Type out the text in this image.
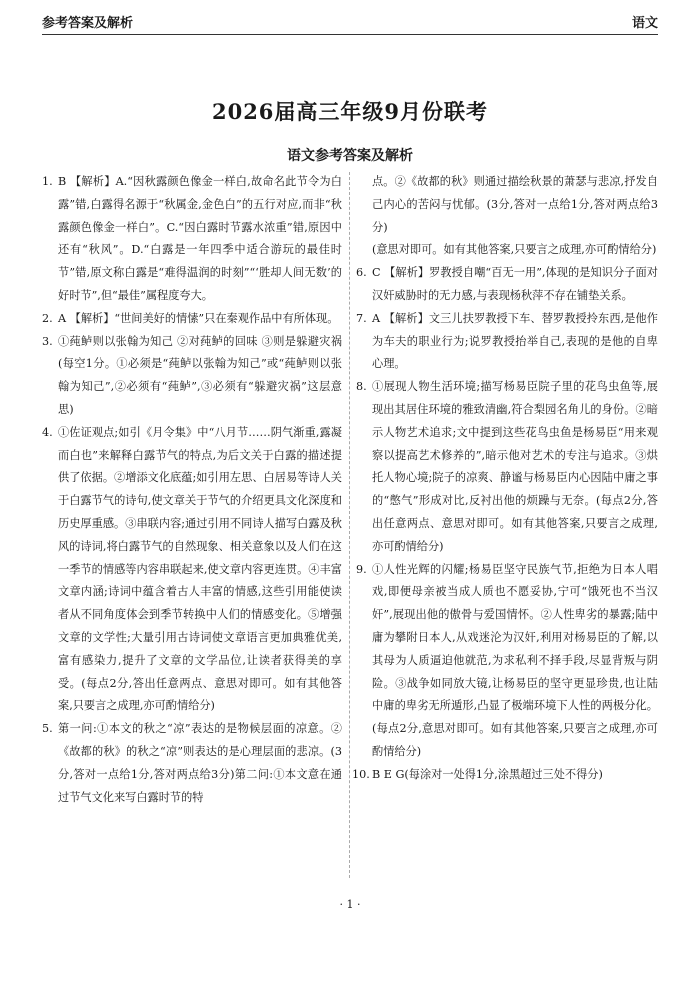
参考答案及解析	语文
2026届高三年级9月份联考
语文参考答案及解析

1. B 【解析】A.“因秋露颜色像金一样白,故命名此节令为白露”错,白露得名源于“秋属金,金色白”的五行对应,而非“秋露颜色像金一样白”。C.“因白露时节露水浓重”错,原因中还有“秋风”。D.“白露是一年四季中适合游玩的最佳时节”错,原文称白露是“难得温润的时刻”“‘胜却人间无数’的好时节”,但“最佳”属程度夸大。

2. A 【解析】“世间美好的情愫”只在秦观作品中有所体现。

3. ①莼鲈则以张翰为知己 ②对莼鲈的回味 ③则是躲避灾祸(每空1分。①必须是“莼鲈以张翰为知己”或“莼鲈则以张翰为知己”,②必须有“莼鲈”,③必须有“躲避灾祸”这层意思)

4. ①佐证观点;如引《月令集》中“八月节……阴气渐重,露凝而白也”来解释白露节气的特点,为后文关于白露的描述提供了依据。②增添文化底蕴;如引用左思、白居易等诗人关于白露节气的诗句,使文章关于节气的介绍更具文化深度和历史厚重感。③串联内容;通过引用不同诗人描写白露及秋风的诗词,将白露节气的自然现象、相关意象以及人们在这一季节的情感等内容串联起来,使文章内容更连贯。④丰富文章内涵;诗词中蕴含着古人丰富的情感,这些引用能使读者从不同角度体会到季节转换中人们的情感变化。⑤增强文章的文学性;大量引用古诗词使文章语言更加典雅优美,富有感染力,提升了文章的文学品位,让读者获得美的享受。(每点2分,答出任意两点、意思对即可。如有其他答案,只要言之成理,亦可酌情给分)

5. 第一问:①本文的秋之“凉”表达的是物候层面的凉意。②《故都的秋》的秋之“凉”则表达的是心理层面的悲凉。(3分,答对一点给1分,答对两点给3分)第二问:①本文意在通过节气文化来写白露时节的特

点。②《故都的秋》则通过描绘秋景的萧瑟与悲凉,抒发自己内心的苦闷与忧郁。(3分,答对一点给1分,答对两点给3分)

(意思对即可。如有其他答案,只要言之成理,亦可酌情给分)

6. C 【解析】罗教授自嘲“百无一用”,体现的是知识分子面对汉奸威胁时的无力感,与表现杨秋萍不存在铺垫关系。

7. A 【解析】文三儿扶罗教授下车、替罗教授拎东西,是他作为车夫的职业行为;说罗教授抬举自己,表现的是他的自卑心理。

8. ①展现人物生活环境;描写杨易臣院子里的花鸟虫鱼等,展现出其居住环境的雅致清幽,符合梨园名角儿的身份。②暗示人物艺术追求;文中提到这些花鸟虫鱼是杨易臣“用来观察以提高艺术修养的”,暗示他对艺术的专注与追求。③烘托人物心境;院子的凉爽、静谧与杨易臣内心因陆中庸之事的“憋气”形成对比,反衬出他的烦躁与无奈。(每点2分,答出任意两点、意思对即可。如有其他答案,只要言之成理,亦可酌情给分)

9. ①人性光辉的闪耀;杨易臣坚守民族气节,拒绝为日本人唱戏,即便母亲被当成人质也不愿妥协,宁可“饿死也不当汉奸”,展现出他的傲骨与爱国情怀。②人性卑劣的暴露;陆中庸为攀附日本人,从戏迷沦为汉奸,利用对杨易臣的了解,以其母为人质逼迫他就范,为求私利不择手段,尽显背叛与阴险。③战争如同放大镜,让杨易臣的坚守更显珍贵,也让陆中庸的卑劣无所遁形,凸显了极端环境下人性的两极分化。(每点2分,意思对即可。如有其他答案,只要言之成理,亦可酌情给分)

10. B E G(每涂对一处得1分,涂黑超过三处不得分)

· 1 ·
